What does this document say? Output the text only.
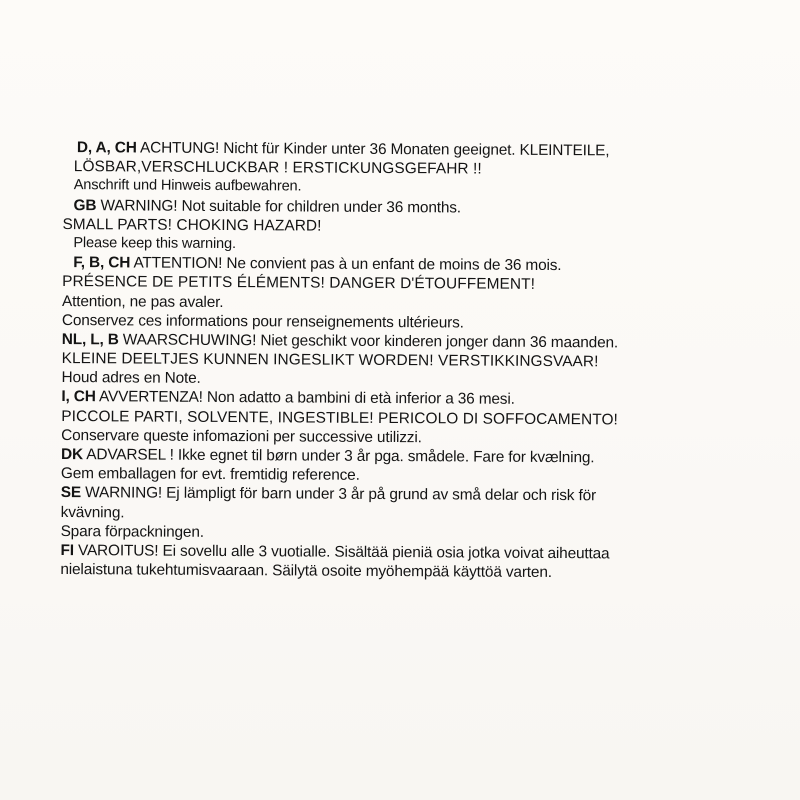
D, A, CH ACHTUNG! Nicht für Kinder unter 36 Monaten geeignet. KLEINTEILE,
LÖSBAR,VERSCHLUCKBAR ! ERSTICKUNGSGEFAHR !!
Anschrift und Hinweis aufbewahren.
GB WARNING! Not suitable for children under 36 months.
SMALL PARTS! CHOKING HAZARD!
Please keep this warning.
F, B, CH ATTENTION! Ne convient pas à un enfant de moins de 36 mois.
PRÉSENCE DE PETITS ÉLÉMENTS! DANGER D'ÉTOUFFEMENT!
Attention, ne pas avaler.
Conservez ces informations pour renseignements ultérieurs.
NL, L, B WAARSCHUWING! Niet geschikt voor kinderen jonger dann 36 maanden.
KLEINE DEELTJES KUNNEN INGESLIKT WORDEN! VERSTIKKINGSVAAR!
Houd adres en Note.
I, CH AVVERTENZA! Non adatto a bambini di età inferior a 36 mesi.
PICCOLE PARTI, SOLVENTE, INGESTIBLE! PERICOLO DI SOFFOCAMENTO!
Conservare queste infomazioni per successive utilizzi.
DK ADVARSEL ! Ikke egnet til børn under 3 år pga. smådele. Fare for kvælning.
Gem emballagen for evt. fremtidig reference.
SE WARNING! Ej lämpligt för barn under 3 år på grund av små delar och risk för
kvävning.
Spara förpackningen.
FI VAROITUS! Ei sovellu alle 3 vuotialle. Sisältää pieniä osia jotka voivat aiheuttaa
nielaistuna tukehtumisvaaraan. Säilytä osoite myöhempää käyttöä varten.
